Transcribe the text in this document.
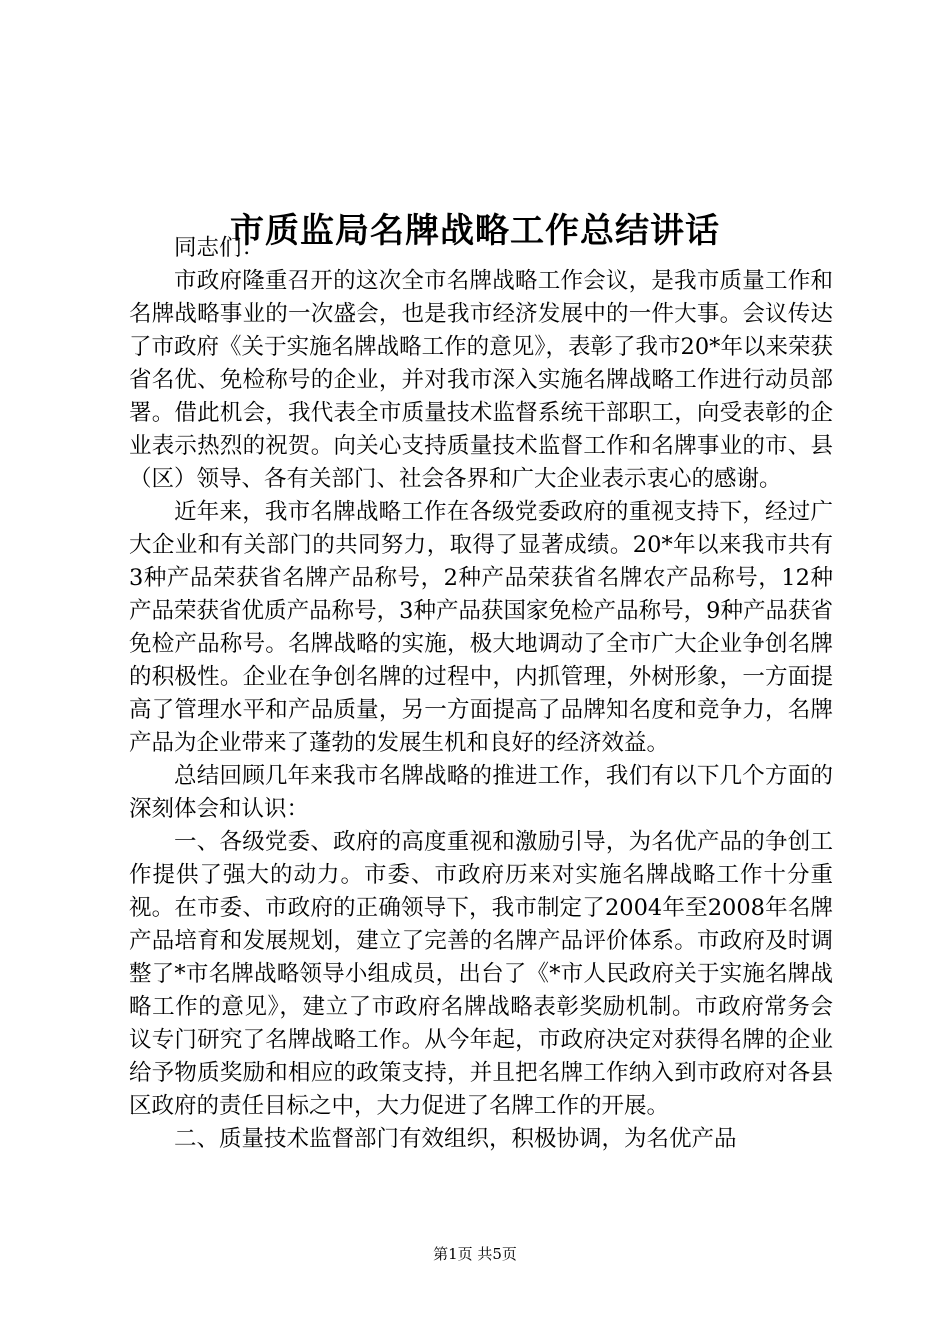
市质监局名牌战略工作总结讲话

同志们：

市政府隆重召开的这次全市名牌战略工作会议，是我市质量工作和名牌战略事业的一次盛会，也是我市经济发展中的一件大事。会议传达了市政府《关于实施名牌战略工作的意见》，表彰了我市20*年以来荣获省名优、免检称号的企业，并对我市深入实施名牌战略工作进行动员部署。借此机会，我代表全市质量技术监督系统干部职工，向受表彰的企业表示热烈的祝贺。向关心支持质量技术监督工作和名牌事业的市、县（区）领导、各有关部门、社会各界和广大企业表示衷心的感谢。

近年来，我市名牌战略工作在各级党委政府的重视支持下，经过广大企业和有关部门的共同努力，取得了显著成绩。20*年以来我市共有3种产品荣获省名牌产品称号，2种产品荣获省名牌农产品称号，12种产品荣获省优质产品称号，3种产品获国家免检产品称号，9种产品获省免检产品称号。名牌战略的实施，极大地调动了全市广大企业争创名牌的积极性。企业在争创名牌的过程中，内抓管理，外树形象，一方面提高了管理水平和产品质量，另一方面提高了品牌知名度和竞争力，名牌产品为企业带来了蓬勃的发展生机和良好的经济效益。

总结回顾几年来我市名牌战略的推进工作，我们有以下几个方面的深刻体会和认识：

一、各级党委、政府的高度重视和激励引导，为名优产品的争创工作提供了强大的动力。市委、市政府历来对实施名牌战略工作十分重视。在市委、市政府的正确领导下，我市制定了2004年至2008年名牌产品培育和发展规划，建立了完善的名牌产品评价体系。市政府及时调整了*市名牌战略领导小组成员，出台了《*市人民政府关于实施名牌战略工作的意见》，建立了市政府名牌战略表彰奖励机制。市政府常务会议专门研究了名牌战略工作。从今年起，市政府决定对获得名牌的企业给予物质奖励和相应的政策支持，并且把名牌工作纳入到市政府对各县区政府的责任目标之中，大力促进了名牌工作的开展。

二、质量技术监督部门有效组织，积极协调，为名优产品

第1页 共5页
